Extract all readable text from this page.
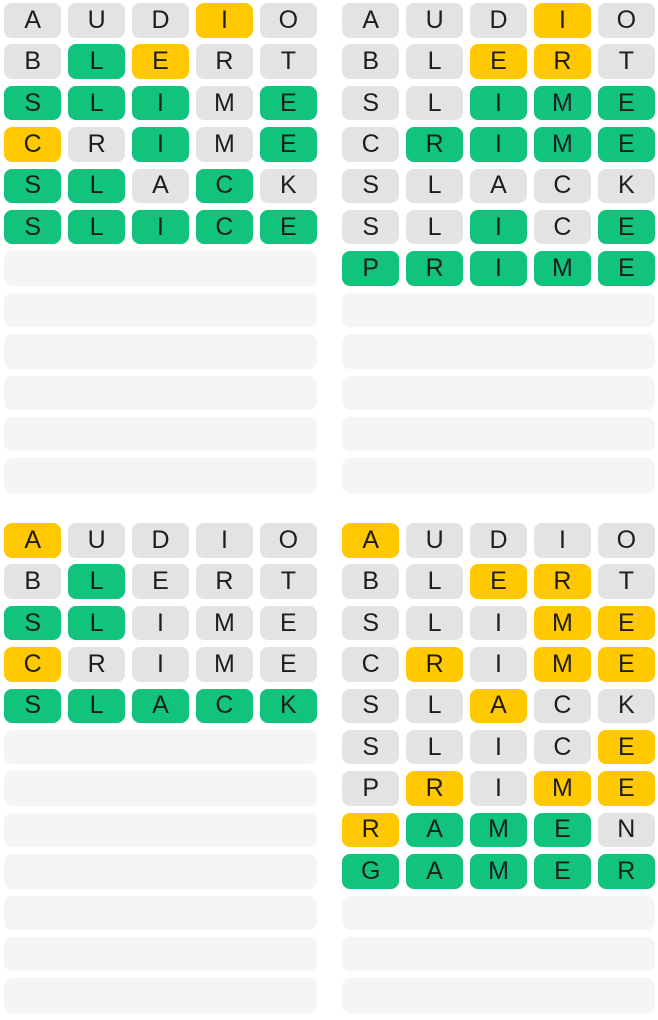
A	U	D	I	O
B	L	E	R	T
S	L	I	M	E
C	R	I	M	E
S	L	A	C	K
S	L	I	C	E
A	U	D	I	O
B	L	E	R	T
S	L	I	M	E
C	R	I	M	E
S	L	A	C	K
S	L	I	C	E
P	R	I	M	E
A	U	D	I	O
B	L	E	R	T
S	L	I	M	E
C	R	I	M	E
S	L	A	C	K
A	U	D	I	O
B	L	E	R	T
S	L	I	M	E
C	R	I	M	E
S	L	A	C	K
S	L	I	C	E
P	R	I	M	E
R	A	M	E	N
G	A	M	E	R
